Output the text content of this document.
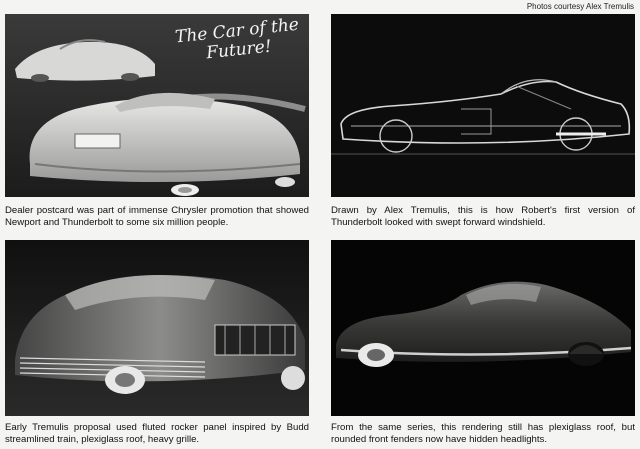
Photos courtesy Alex Tremulis
The Car of the Future!
Dealer postcard was part of immense Chrysler promotion that showed Newport and Thunderbolt to some six million people.
Drawn by Alex Tremulis, this is how Robert's first version of Thunderbolt looked with swept forward windshield.
Early Tremulis proposal used fluted rocker panel inspired by Budd streamlined train, plexiglass roof, heavy grille.
From the same series, this rendering still has plexiglass roof, but rounded front fenders now have hidden headlights.
